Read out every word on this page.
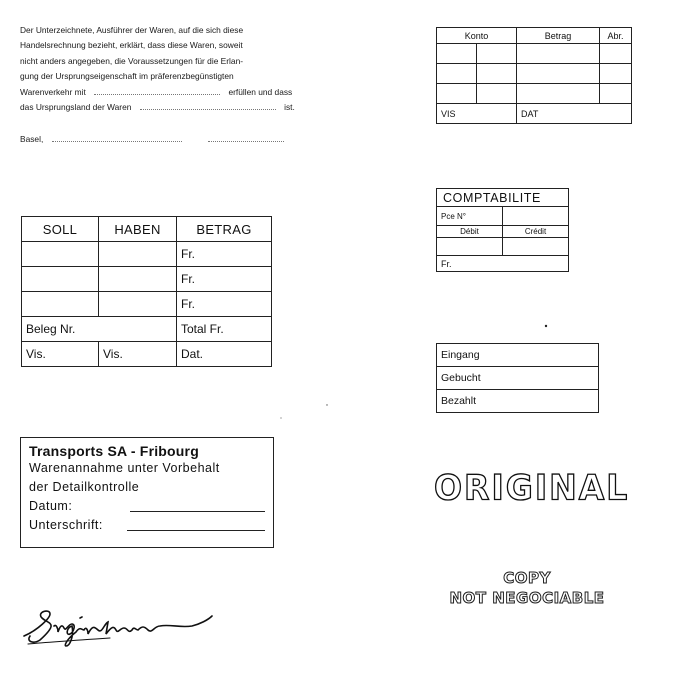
Der Unterzeichnete, Ausführer der Waren, auf die sich diese
Handelsrechnung bezieht, erklärt, dass diese Waren, soweit
nicht anders angegeben, die Voraussetzungen für die Erlan-
gung der Ursprungseigenschaft im präferenzbegünstigten
Warenverkehr mit	erfüllen und dass
das Ursprungsland der Waren	ist.
Basel,
SOLL	HABEN	BETRAG
		Fr.
		Fr.
		Fr.
Beleg Nr.		Total Fr.
Vis.	Vis.	Dat.
Konto		Betrag	Abr.

VIS		DAT	
COMPTABILITE	
Pce N°	
Débit	Crédit

Fr.	
Eingang
Gebucht
Bezahlt
Transports SA - Fribourg
Warenannahme unter Vorbehalt
der Detailkontrolle
Datum:
Unterschrift:
ORIGINAL
COPY
NOT NEGOCIABLE
